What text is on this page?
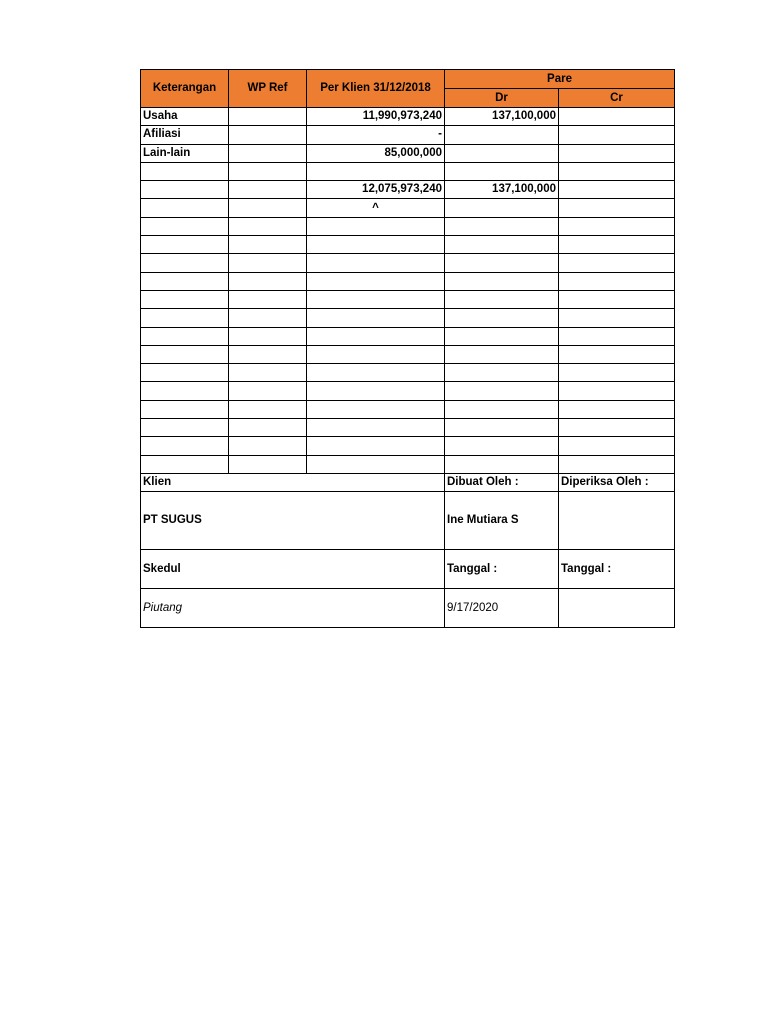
Keterangan	WP Ref	Per Klien 31/12/2018	Pare	
			Dr	Cr
Usaha		11,990,973,240	137,100,000	
Afiliasi		-		
Lain-lain		85,000,000		

		12,075,973,240	137,100,000	
		^		

Klien			Dibuat Oleh :	Diperiksa Oleh :
PT SUGUS			Ine Mutiara S	
Skedul			Tanggal :	Tanggal :
Piutang			9/17/2020	
